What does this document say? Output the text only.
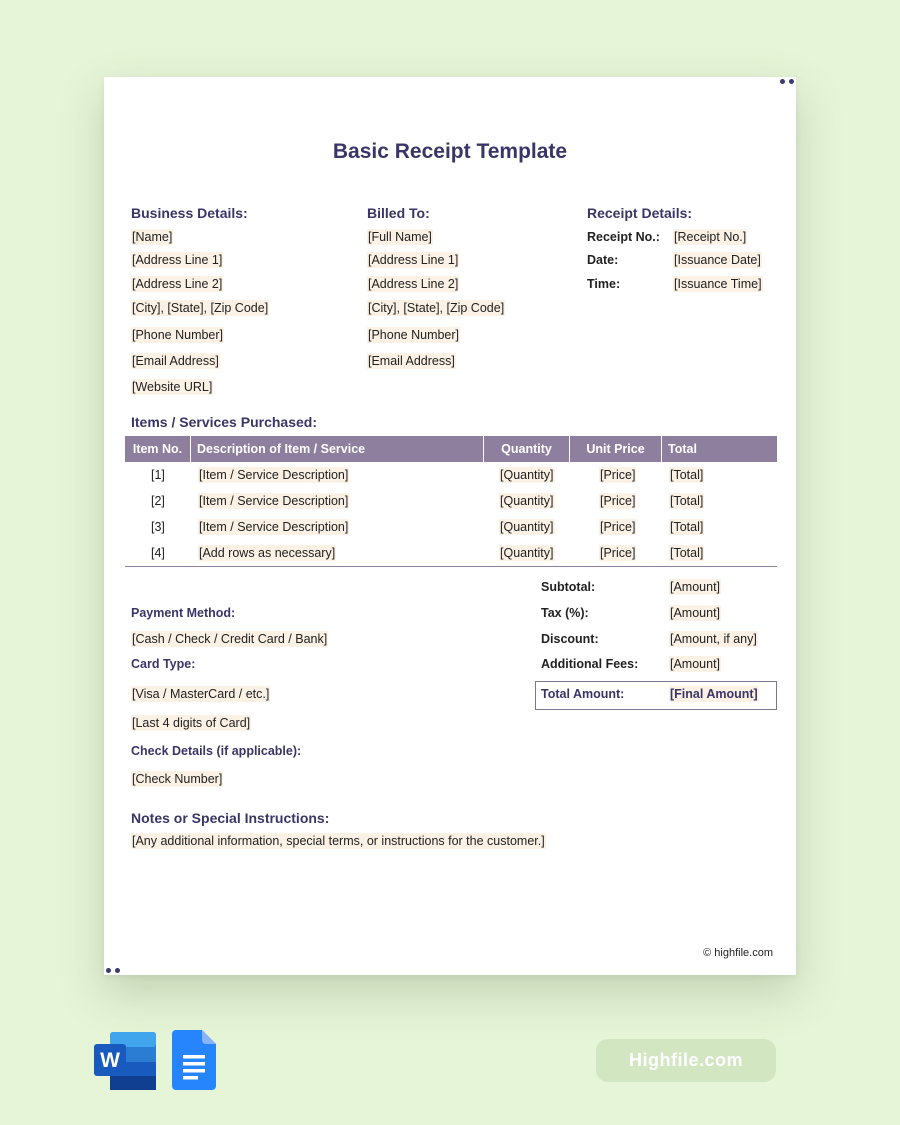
Basic Receipt Template
Business Details:
[Name]
[Address Line 1]
[Address Line 2]
[City], [State], [Zip Code]
[Phone Number]
[Email Address]
[Website URL]
Billed To:
[Full Name]
[Address Line 1]
[Address Line 2]
[City], [State], [Zip Code]
[Phone Number]
[Email Address]
Receipt Details:
Receipt No.: [Receipt No.]
Date:	[Issuance Date]
Time:	[Issuance Time]
Items / Services Purchased:
Item No.	Description of Item / Service	Quantity	Unit Price	Total
[1]	[Item / Service Description]	[Quantity]	[Price]	[Total]
[2]	[Item / Service Description]	[Quantity]	[Price]	[Total]
[3]	[Item / Service Description]	[Quantity]	[Price]	[Total]
[4]	[Add rows as necessary]	[Quantity]	[Price]	[Total]
Subtotal:	[Amount]
Tax (%):	[Amount]
Discount:	[Amount, if any]
Additional Fees:	[Amount]
Total Amount:	[Final Amount]
Payment Method:
[Cash / Check / Credit Card / Bank]
Card Type:
[Visa / MasterCard / etc.]
[Last 4 digits of Card]
Check Details (if applicable):
[Check Number]
Notes or Special Instructions:
[Any additional information, special terms, or instructions for the customer.]
© highfile.com
W	Highfile.com
